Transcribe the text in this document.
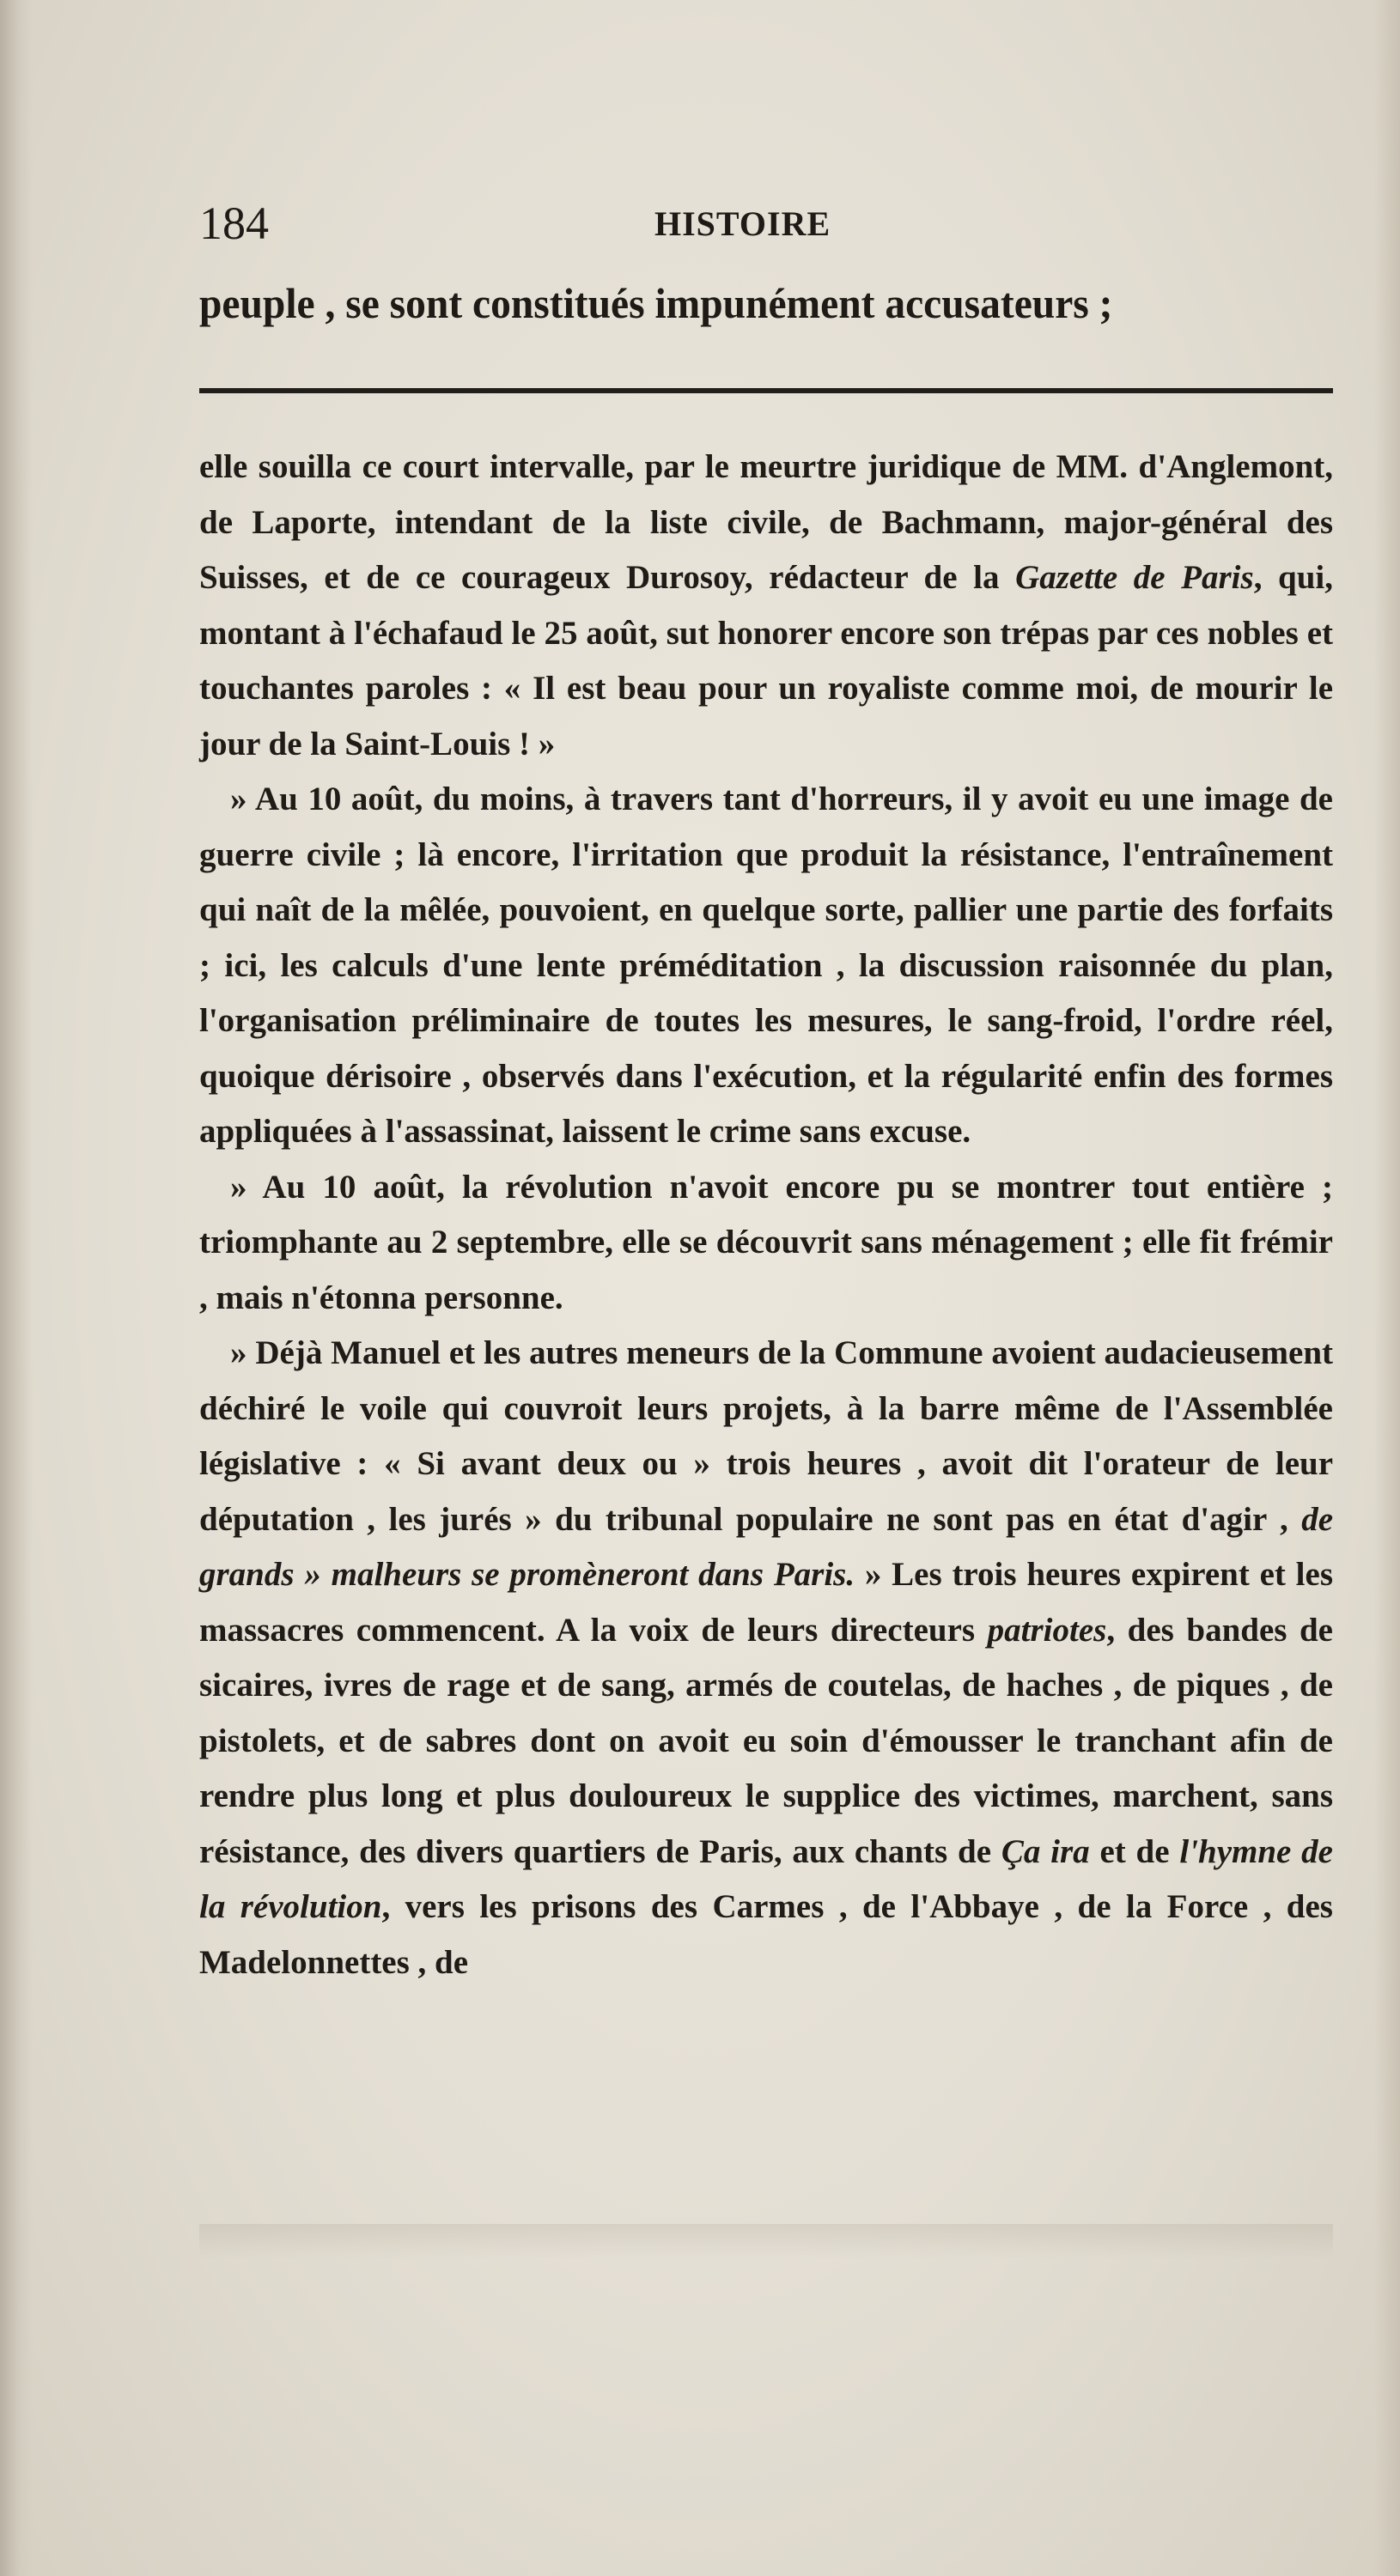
184	HISTOIRE
peuple , se sont constitués impunément accusateurs ;

elle souilla ce court intervalle, par le meurtre juridique de MM. d'Anglemont, de Laporte, intendant de la liste civile, de Bachmann, major-général des Suisses, et de ce courageux Durosoy, rédacteur de la Gazette de Paris, qui, montant à l'échafaud le 25 août, sut honorer encore son trépas par ces nobles et touchantes paroles : « Il est beau pour un royaliste comme moi, de mourir le jour de la Saint-Louis ! »

» Au 10 août, du moins, à travers tant d'horreurs, il y avoit eu une image de guerre civile ; là encore, l'irritation que produit la résistance, l'entraînement qui naît de la mêlée, pouvoient, en quelque sorte, pallier une partie des forfaits ; ici, les calculs d'une lente préméditation , la discussion raisonnée du plan, l'organisation préliminaire de toutes les mesures, le sang-froid, l'ordre réel, quoique dérisoire , observés dans l'exécution, et la régularité enfin des formes appliquées à l'assassinat, laissent le crime sans excuse.

» Au 10 août, la révolution n'avoit encore pu se montrer tout entière ; triomphante au 2 septembre, elle se découvrit sans ménagement ; elle fit frémir , mais n'étonna personne.

» Déjà Manuel et les autres meneurs de la Commune avoient audacieusement déchiré le voile qui couvroit leurs projets, à la barre même de l'Assemblée législative : « Si avant deux ou » trois heures , avoit dit l'orateur de leur députation , les jurés » du tribunal populaire ne sont pas en état d'agir , de grands » malheurs se promèneront dans Paris. » Les trois heures expirent et les massacres commencent. A la voix de leurs directeurs patriotes, des bandes de sicaires, ivres de rage et de sang, armés de coutelas, de haches , de piques , de pistolets, et de sabres dont on avoit eu soin d'émousser le tranchant afin de rendre plus long et plus douloureux le supplice des victimes, marchent, sans résistance, des divers quartiers de Paris, aux chants de Ça ira et de l'hymne de la révolution, vers les prisons des Carmes , de l'Abbaye , de la Force , des Madelonnettes , de
